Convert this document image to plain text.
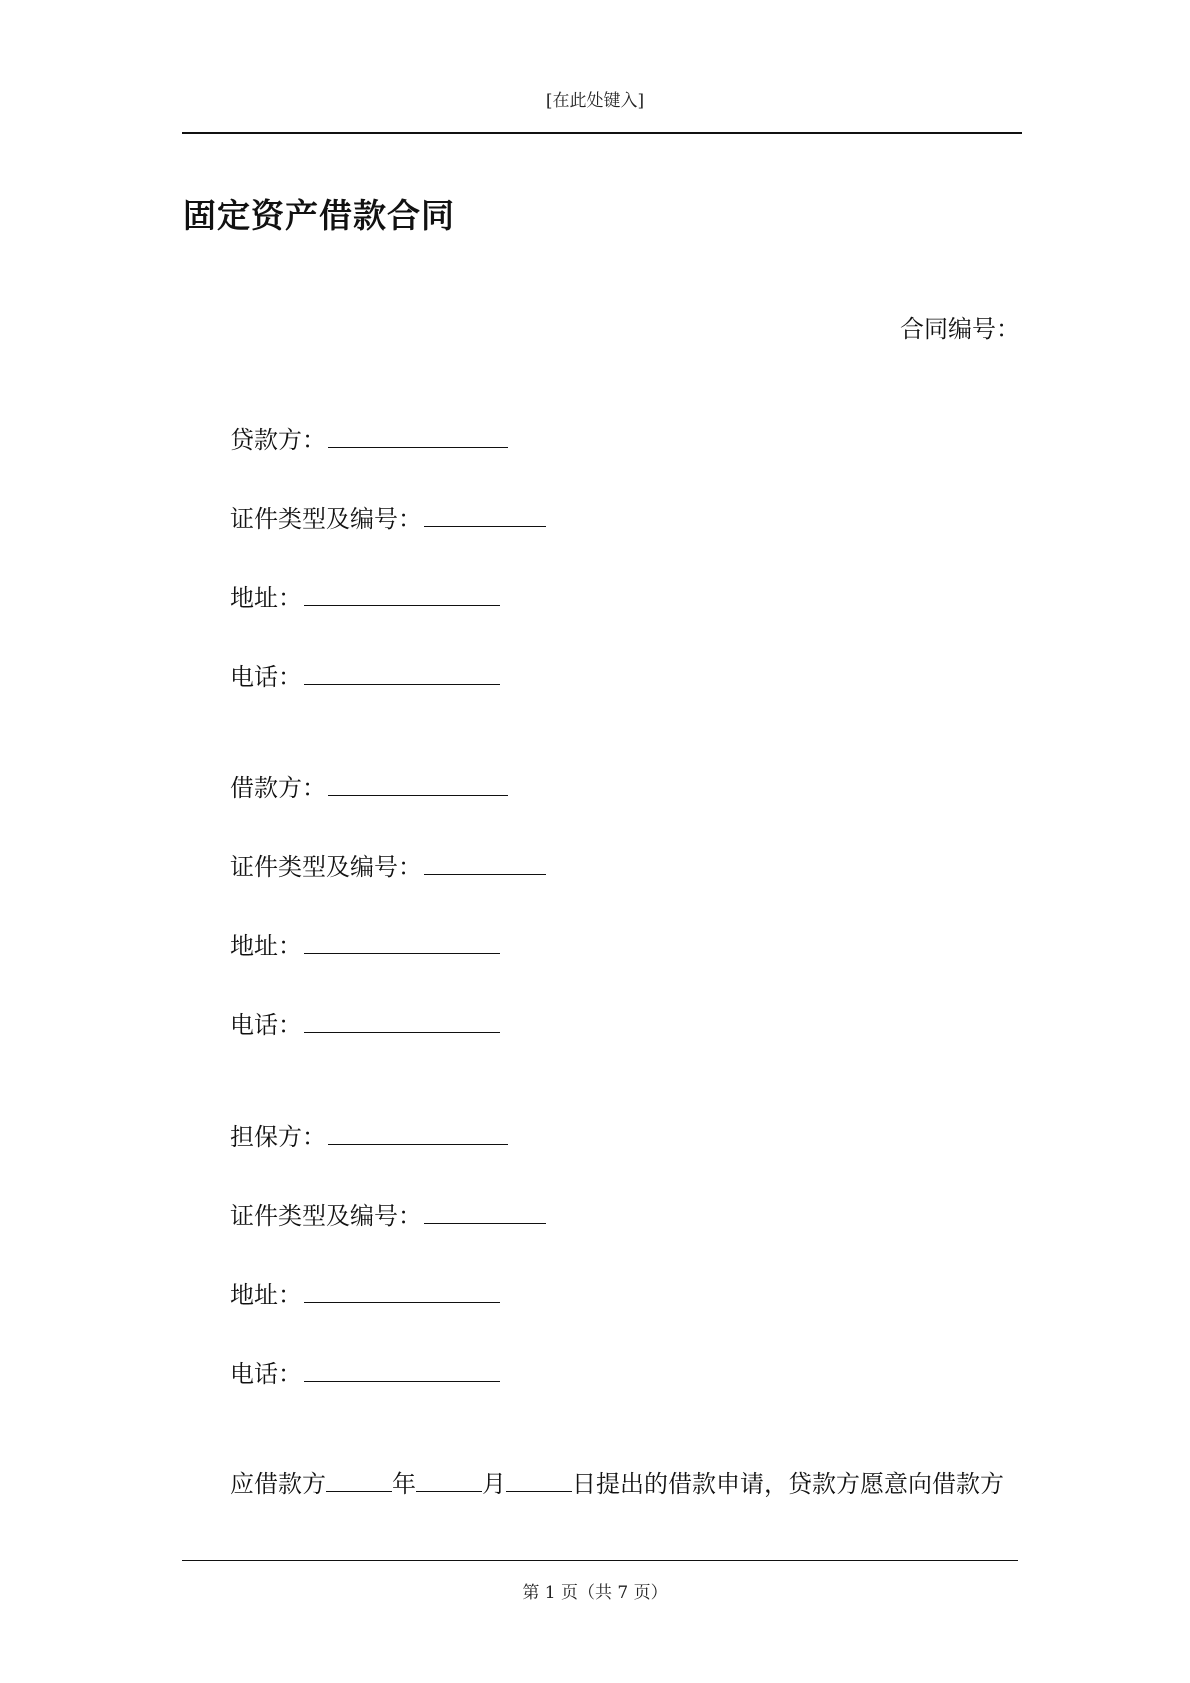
[在此处键入]
固定资产借款合同
合同编号：
贷款方：
证件类型及编号：
地址：
电话：
借款方：
证件类型及编号：
地址：
电话：
担保方：
证件类型及编号：
地址：
电话：
应借款方	年	月	日提出的借款申请，贷款方愿意向借款方
第 1 页（共 7 页）
